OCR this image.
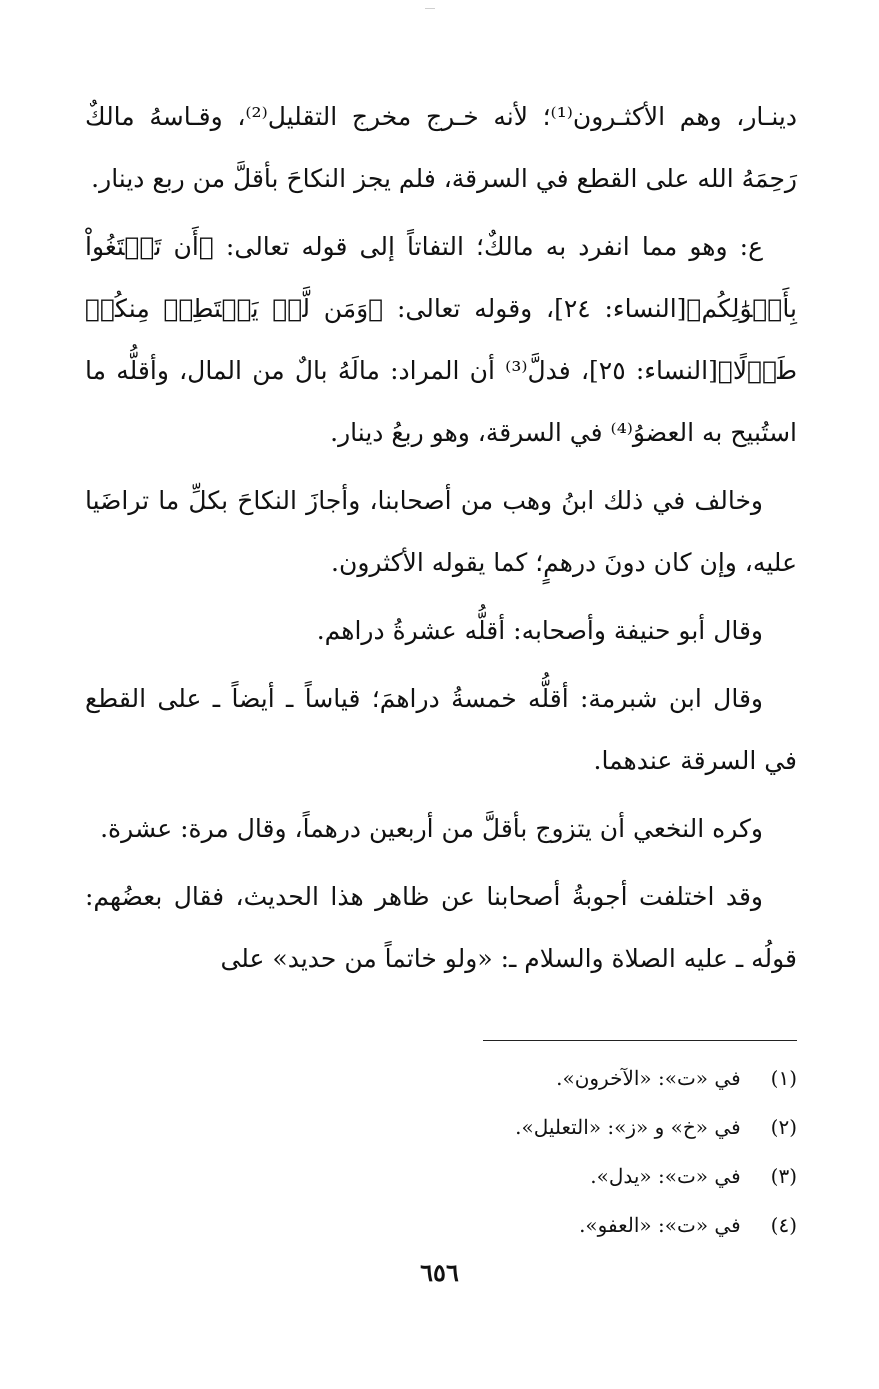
دينـار، وهم الأكثـرون⁽¹⁾؛ لأنه خـرج مخرج التقليل⁽²⁾، وقـاسهُ مالكٌ رَحِمَهُ الله على القطع في السرقة، فلم يجز النكاحَ بأقلَّ من ربع دينار.

ع: وهو مما انفرد به مالكٌ؛ التفاتاً إلى قوله تعالى: ﴿أَن تَبۡتَغُواْ بِأَمۡوَٰلِكُم﴾[النساء: ٢٤]، وقوله تعالى: ﴿وَمَن لَّمۡ يَسۡتَطِعۡ مِنكُمۡ طَوۡلًا﴾[النساء: ٢٥]، فدلَّ⁽³⁾ أن المراد: مالَهُ بالٌ من المال، وأقلُّه ما استُبيح به العضوُ⁽⁴⁾ في السرقة، وهو ربعُ دينار.

وخالف في ذلك ابنُ وهب من أصحابنا، وأجازَ النكاحَ بكلِّ ما تراضَيا عليه، وإن كان دونَ درهمٍ؛ كما يقوله الأكثرون.

وقال أبو حنيفة وأصحابه: أقلُّه عشرةُ دراهم.

وقال ابن شبرمة: أقلُّه خمسةُ دراهمَ؛ قياساً ـ أيضاً ـ على القطع في السرقة عندهما.

وكره النخعي أن يتزوج بأقلَّ من أربعين درهماً، وقال مرة: عشرة.

وقد اختلفت أجوبةُ أصحابنا عن ظاهر هذا الحديث، فقال بعضُهم: قولُه ـ عليه الصلاة والسلام ـ: «ولو خاتماً من حديد» على

(١) في «ت»: «الآخرون».
(٢) في «خ» و «ز»: «التعليل».
(٣) في «ت»: «يدل».
(٤) في «ت»: «العفو».
٦٥٦
